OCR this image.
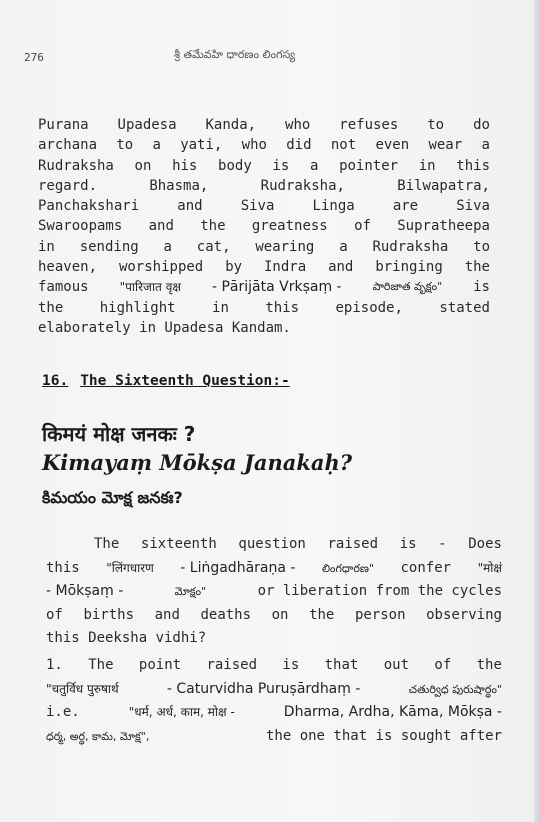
276	శ్రీ తమేవహి ధారణం లింగస్య
Purana Upadesa Kanda, who refuses to do
archana to a yati, who did not even wear a
Rudraksha on his body is a pointer in this
regard.	Bhasma,	Rudraksha,	Bilwapatra,
Panchakshari	and	Siva	Linga	are	Siva
Swaroopams and the greatness of Supratheepa
in sending a cat, wearing a Rudraksha to
heaven, worshipped by Indra and bringing the
famous	"पारिजात वृक्ष - Pārijāta Vrkṣaṃ -	పారిజాత వృక్షం" is
the	highlight	in	this	episode,	stated
elaborately in Upadesa Kandam.
16. The Sixteenth Question:-
किमयं मोक्ष जनकः ?
Kimayaṃ Mōkṣa Janakaḥ?
కిమయం మోక్ష జనకః?
The sixteenth question raised is - Does
this "लिंगधारण - Liṅgadhāraṇa - లింగధారణ" confer "मोक्षं
- Mōkṣaṃ -	మోక్షం"	or liberation from the cycles
of births and deaths on the person observing
this Deeksha vidhi?
1. The point raised is that out of the
"चतुर्विध पुरुषार्थ	- Caturvidha Puruṣārdhaṃ -	చతుర్విధ పురుషార్థం"
i.e.	"धर्म, अर्ध, काम, मोक्ष -	Dharma, Ardha, Kāma, Mōkṣa -
ధర్మ, అర్థ, కామ, మోక్ష",	the one that is sought after
